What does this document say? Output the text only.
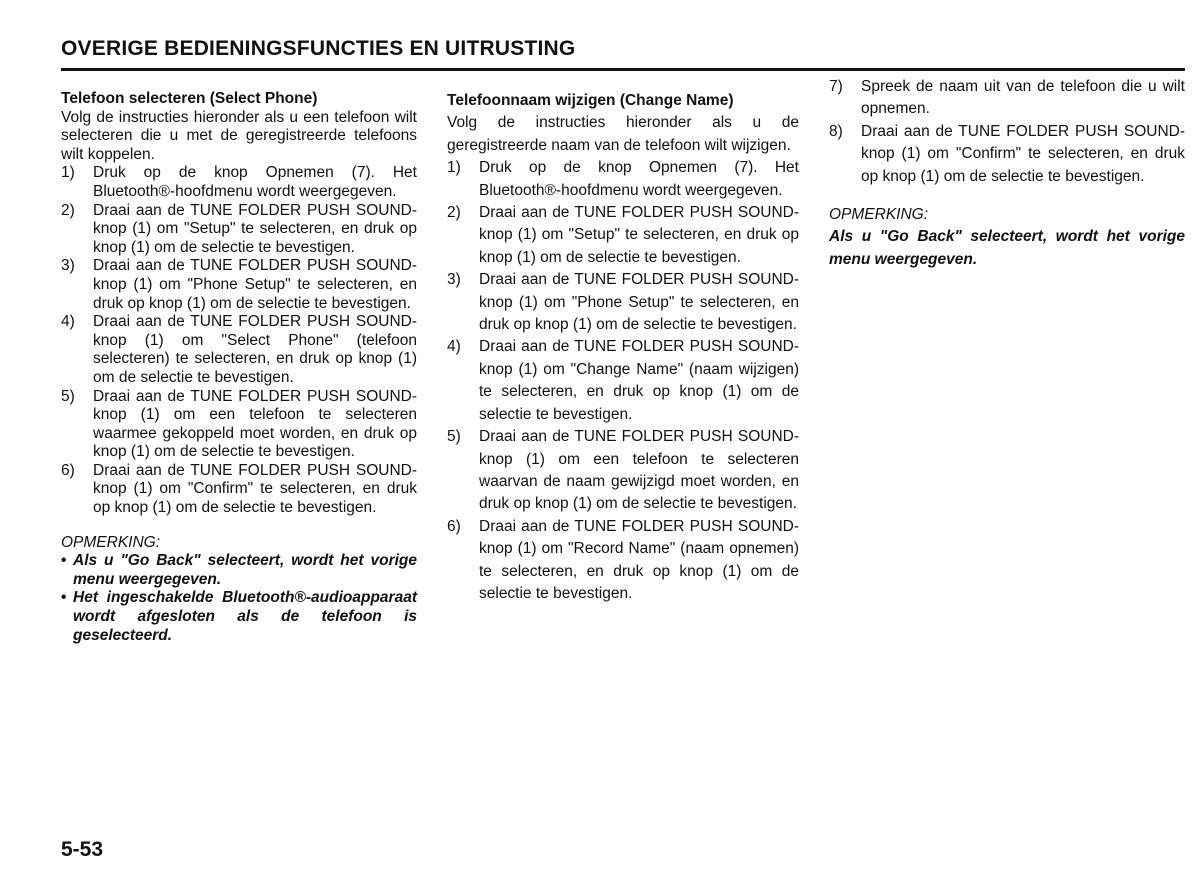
OVERIGE BEDIENINGSFUNCTIES EN UITRUSTING

Telefoon selecteren (Select Phone)

Volg de instructies hieronder als u een telefoon wilt selecteren die u met de geregistreerde telefoons wilt koppelen.

1)	Druk op de knop Opnemen (7). Het Bluetooth®-hoofdmenu wordt weergegeven.
2)	Draai aan de TUNE FOLDER PUSH SOUND-knop (1) om "Setup" te selecteren, en druk op knop (1) om de selectie te bevestigen.
3)	Draai aan de TUNE FOLDER PUSH SOUND-knop (1) om "Phone Setup" te selecteren, en druk op knop (1) om de selectie te bevestigen.
4)	Draai aan de TUNE FOLDER PUSH SOUND-knop (1) om "Select Phone" (telefoon selecteren) te selecteren, en druk op knop (1) om de selectie te bevestigen.
5)	Draai aan de TUNE FOLDER PUSH SOUND-knop (1) om een telefoon te selecteren waarmee gekoppeld moet worden, en druk op knop (1) om de selectie te bevestigen.
6)	Draai aan de TUNE FOLDER PUSH SOUND-knop (1) om "Confirm" te selecteren, en druk op knop (1) om de selectie te bevestigen.

OPMERKING:

• Als u "Go Back" selecteert, wordt het vorige menu weergegeven.
• Het ingeschakelde Bluetooth®-audioapparaat wordt afgesloten als de telefoon is geselecteerd.

Telefoonnaam wijzigen (Change Name)

Volg de instructies hieronder als u de geregistreerde naam van de telefoon wilt wijzigen.

1)	Druk op de knop Opnemen (7). Het Bluetooth®-hoofdmenu wordt weergegeven.
2)	Draai aan de TUNE FOLDER PUSH SOUND-knop (1) om "Setup" te selecteren, en druk op knop (1) om de selectie te bevestigen.
3)	Draai aan de TUNE FOLDER PUSH SOUND-knop (1) om "Phone Setup" te selecteren, en druk op knop (1) om de selectie te bevestigen.
4)	Draai aan de TUNE FOLDER PUSH SOUND-knop (1) om "Change Name" (naam wijzigen) te selecteren, en druk op knop (1) om de selectie te bevestigen.
5)	Draai aan de TUNE FOLDER PUSH SOUND-knop (1) om een telefoon te selecteren waarvan de naam gewijzigd moet worden, en druk op knop (1) om de selectie te bevestigen.
6)	Draai aan de TUNE FOLDER PUSH SOUND-knop (1) om "Record Name" (naam opnemen) te selecteren, en druk op knop (1) om de selectie te bevestigen.
7)	Spreek de naam uit van de telefoon die u wilt opnemen.
8)	Draai aan de TUNE FOLDER PUSH SOUND-knop (1) om "Confirm" te selecteren, en druk op knop (1) om de selectie te bevestigen.

OPMERKING:

Als u "Go Back" selecteert, wordt het vorige menu weergegeven.

5-53
